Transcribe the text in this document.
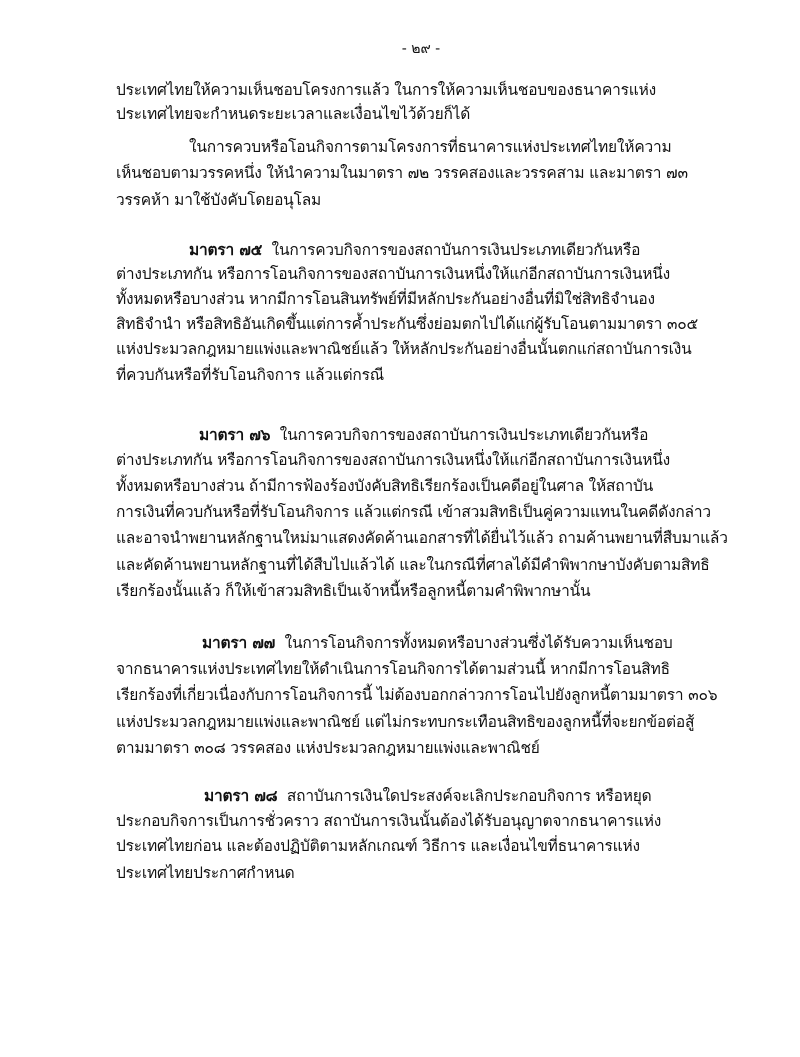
- ๒๙ -
ประเทศไทยให้ความเห็นชอบโครงการแล้ว ในการให้ความเห็นชอบของธนาคารแห่ง
ประเทศไทยจะกำหนดระยะเวลาและเงื่อนไขไว้ด้วยก็ได้
ในการควบหรือโอนกิจการตามโครงการที่ธนาคารแห่งประเทศไทยให้ความ
เห็นชอบตามวรรคหนึ่ง ให้นำความในมาตรา ๗๒ วรรคสองและวรรคสาม และมาตรา ๗๓
วรรคห้า มาใช้บังคับโดยอนุโลม
มาตรา ๗๕ ในการควบกิจการของสถาบันการเงินประเภทเดียวกันหรือ
ต่างประเภทกัน หรือการโอนกิจการของสถาบันการเงินหนึ่งให้แก่อีกสถาบันการเงินหนึ่ง
ทั้งหมดหรือบางส่วน หากมีการโอนสินทรัพย์ที่มีหลักประกันอย่างอื่นที่มิใช่สิทธิจำนอง
สิทธิจำนำ หรือสิทธิอันเกิดขึ้นแต่การค้ำประกันซึ่งย่อมตกไปได้แก่ผู้รับโอนตามมาตรา ๓๐๕
แห่งประมวลกฎหมายแพ่งและพาณิชย์แล้ว ให้หลักประกันอย่างอื่นนั้นตกแก่สถาบันการเงิน
ที่ควบกันหรือที่รับโอนกิจการ แล้วแต่กรณี
มาตรา ๗๖ ในการควบกิจการของสถาบันการเงินประเภทเดียวกันหรือ
ต่างประเภทกัน หรือการโอนกิจการของสถาบันการเงินหนึ่งให้แก่อีกสถาบันการเงินหนึ่ง
ทั้งหมดหรือบางส่วน ถ้ามีการฟ้องร้องบังคับสิทธิเรียกร้องเป็นคดีอยู่ในศาล ให้สถาบัน
การเงินที่ควบกันหรือที่รับโอนกิจการ แล้วแต่กรณี เข้าสวมสิทธิเป็นคู่ความแทนในคดีดังกล่าว
และอาจนำพยานหลักฐานใหม่มาแสดงคัดค้านเอกสารที่ได้ยื่นไว้แล้ว ถามค้านพยานที่สืบมาแล้ว
และคัดค้านพยานหลักฐานที่ได้สืบไปแล้วได้ และในกรณีที่ศาลได้มีคำพิพากษาบังคับตามสิทธิ
เรียกร้องนั้นแล้ว ก็ให้เข้าสวมสิทธิเป็นเจ้าหนี้หรือลูกหนี้ตามคำพิพากษานั้น
มาตรา ๗๗ ในการโอนกิจการทั้งหมดหรือบางส่วนซึ่งได้รับความเห็นชอบ
จากธนาคารแห่งประเทศไทยให้ดำเนินการโอนกิจการได้ตามส่วนนี้ หากมีการโอนสิทธิ
เรียกร้องที่เกี่ยวเนื่องกับการโอนกิจการนี้ ไม่ต้องบอกกล่าวการโอนไปยังลูกหนี้ตามมาตรา ๓๐๖
แห่งประมวลกฎหมายแพ่งและพาณิชย์ แต่ไม่กระทบกระเทือนสิทธิของลูกหนี้ที่จะยกข้อต่อสู้
ตามมาตรา ๓๐๘ วรรคสอง แห่งประมวลกฎหมายแพ่งและพาณิชย์
มาตรา ๗๘ สถาบันการเงินใดประสงค์จะเลิกประกอบกิจการ หรือหยุด
ประกอบกิจการเป็นการชั่วคราว สถาบันการเงินนั้นต้องได้รับอนุญาตจากธนาคารแห่ง
ประเทศไทยก่อน และต้องปฏิบัติตามหลักเกณฑ์ วิธีการ และเงื่อนไขที่ธนาคารแห่ง
ประเทศไทยประกาศกำหนด
